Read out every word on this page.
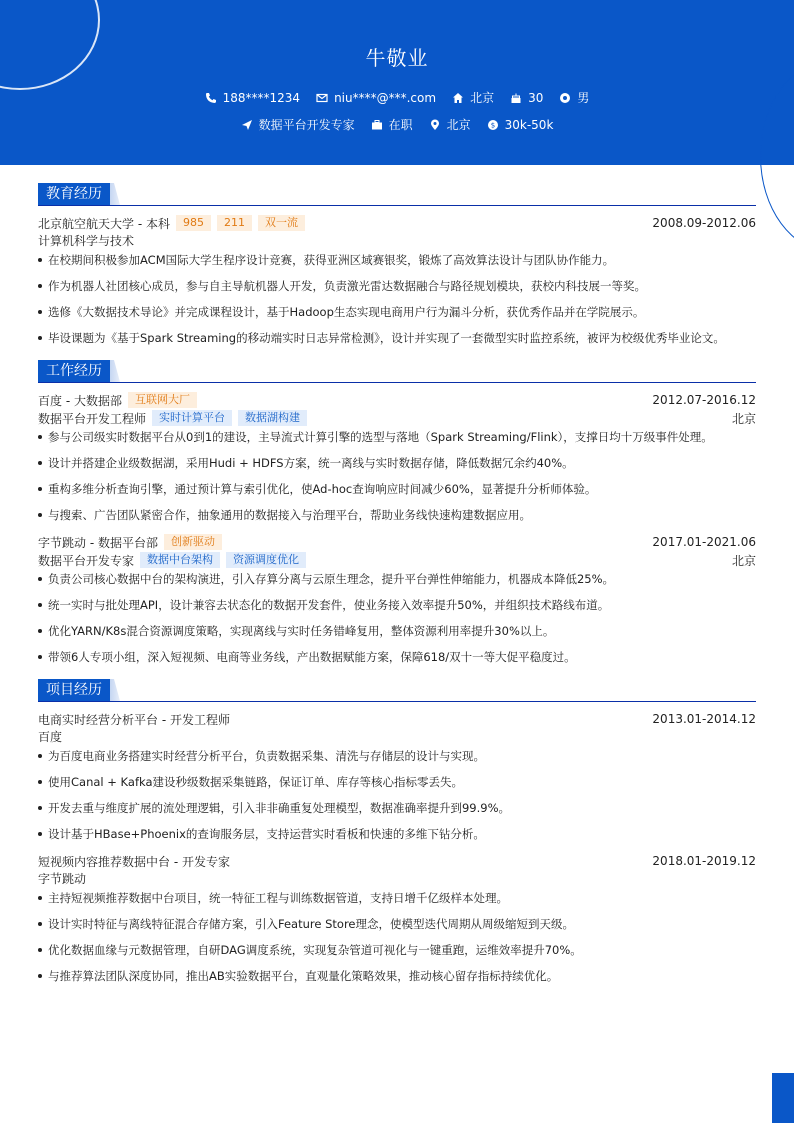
牛敬业
188****1234	niu****@***.com	北京	30	男
数据平台开发专家	在职	北京	$ 30k-50k
教育经历
北京航空航天大学 - 本科	985	211	双一流	2008.09-2012.06
计算机科学与技术
在校期间积极参加ACM国际大学生程序设计竞赛，获得亚洲区域赛银奖，锻炼了高效算法设计与团队协作能力。
作为机器人社团核心成员，参与自主导航机器人开发，负责激光雷达数据融合与路径规划模块，获校内科技展一等奖。
选修《大数据技术导论》并完成课程设计，基于Hadoop生态实现电商用户行为漏斗分析，获优秀作品并在学院展示。
毕设课题为《基于Spark Streaming的移动端实时日志异常检测》，设计并实现了一套微型实时监控系统，被评为校级优秀毕业论文。
工作经历
百度 - 大数据部	互联网大厂	2012.07-2016.12
数据平台开发工程师	实时计算平台	数据湖构建	北京
参与公司级实时数据平台从0到1的建设，主导流式计算引擎的选型与落地（Spark Streaming/Flink），支撑日均十万级事件处理。
设计并搭建企业级数据湖，采用Hudi + HDFS方案，统一离线与实时数据存储，降低数据冗余约40%。
重构多维分析查询引擎，通过预计算与索引优化，使Ad-hoc查询响应时间减少60%，显著提升分析师体验。
与搜索、广告团队紧密合作，抽象通用的数据接入与治理平台，帮助业务线快速构建数据应用。
字节跳动 - 数据平台部	创新驱动	2017.01-2021.06
数据平台开发专家	数据中台架构	资源调度优化	北京
负责公司核心数据中台的架构演进，引入存算分离与云原生理念，提升平台弹性伸缩能力，机器成本降低25%。
统一实时与批处理API，设计兼容去状态化的数据开发套件，使业务接入效率提升50%，并组织技术路线布道。
优化YARN/K8s混合资源调度策略，实现离线与实时任务错峰复用，整体资源利用率提升30%以上。
带领6人专项小组，深入短视频、电商等业务线，产出数据赋能方案，保障618/双十一等大促平稳度过。
项目经历
电商实时经营分析平台 - 开发工程师	2013.01-2014.12
百度
为百度电商业务搭建实时经营分析平台，负责数据采集、清洗与存储层的设计与实现。
使用Canal + Kafka建设秒级数据采集链路，保证订单、库存等核心指标零丢失。
开发去重与维度扩展的流处理逻辑，引入非非确重复处理模型，数据准确率提升到99.9%。
设计基于HBase+Phoenix的查询服务层，支持运营实时看板和快速的多维下钻分析。
短视频内容推荐数据中台 - 开发专家	2018.01-2019.12
字节跳动
主持短视频推荐数据中台项目，统一特征工程与训练数据管道，支持日增千亿级样本处理。
设计实时特征与离线特征混合存储方案，引入Feature Store理念，使模型迭代周期从周级缩短到天级。
优化数据血缘与元数据管理，自研DAG调度系统，实现复杂管道可视化与一键重跑，运维效率提升70%。
与推荐算法团队深度协同，推出AB实验数据平台，直观量化策略效果，推动核心留存指标持续优化。
